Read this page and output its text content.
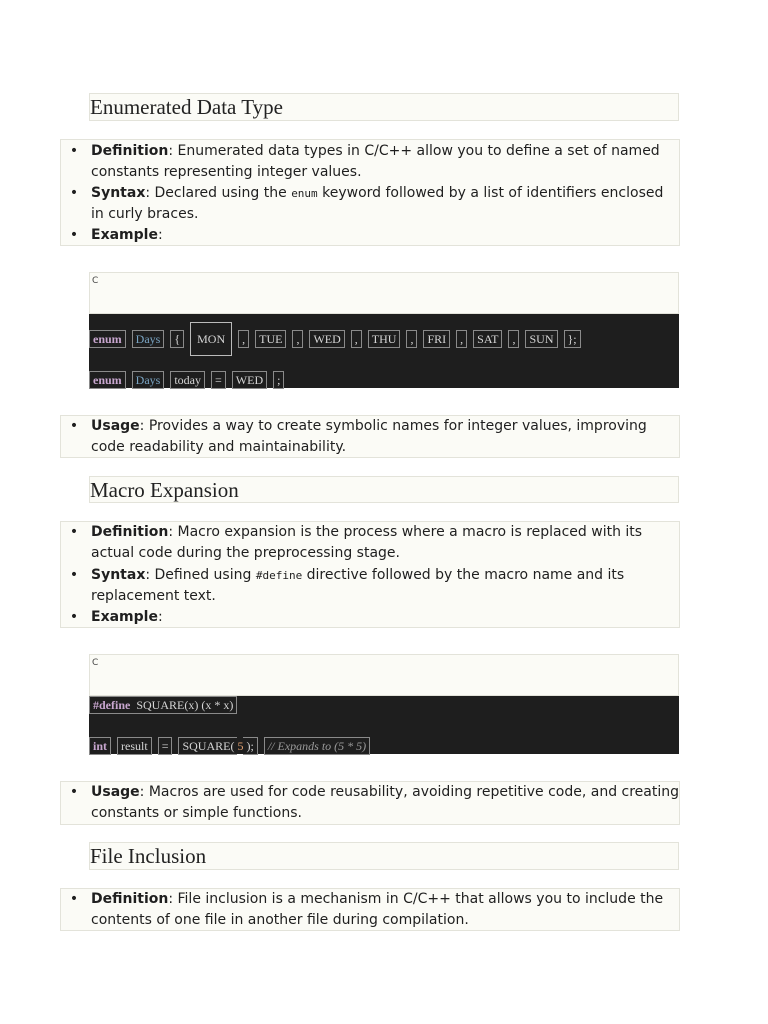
Enumerated Data Type
• Definition: Enumerated data types in C/C++ allow you to define a set of named constants representing integer values.
• Syntax: Declared using the enum keyword followed by a list of identifiers enclosed in curly braces.
• Example:
C
enum Days { MON , TUE , WED , THU , FRI , SAT , SUN };
enum Days today = WED ;
• Usage: Provides a way to create symbolic names for integer values, improving code readability and maintainability.
Macro Expansion
• Definition: Macro expansion is the process where a macro is replaced with its actual code during the preprocessing stage.
• Syntax: Defined using #define directive followed by the macro name and its replacement text.
• Example:
C
#define SQUARE(x) (x * x)
int result = SQUARE( 5 ); // Expands to (5 * 5)
• Usage: Macros are used for code reusability, avoiding repetitive code, and creating constants or simple functions.
File Inclusion
• Definition: File inclusion is a mechanism in C/C++ that allows you to include the contents of one file in another file during compilation.
